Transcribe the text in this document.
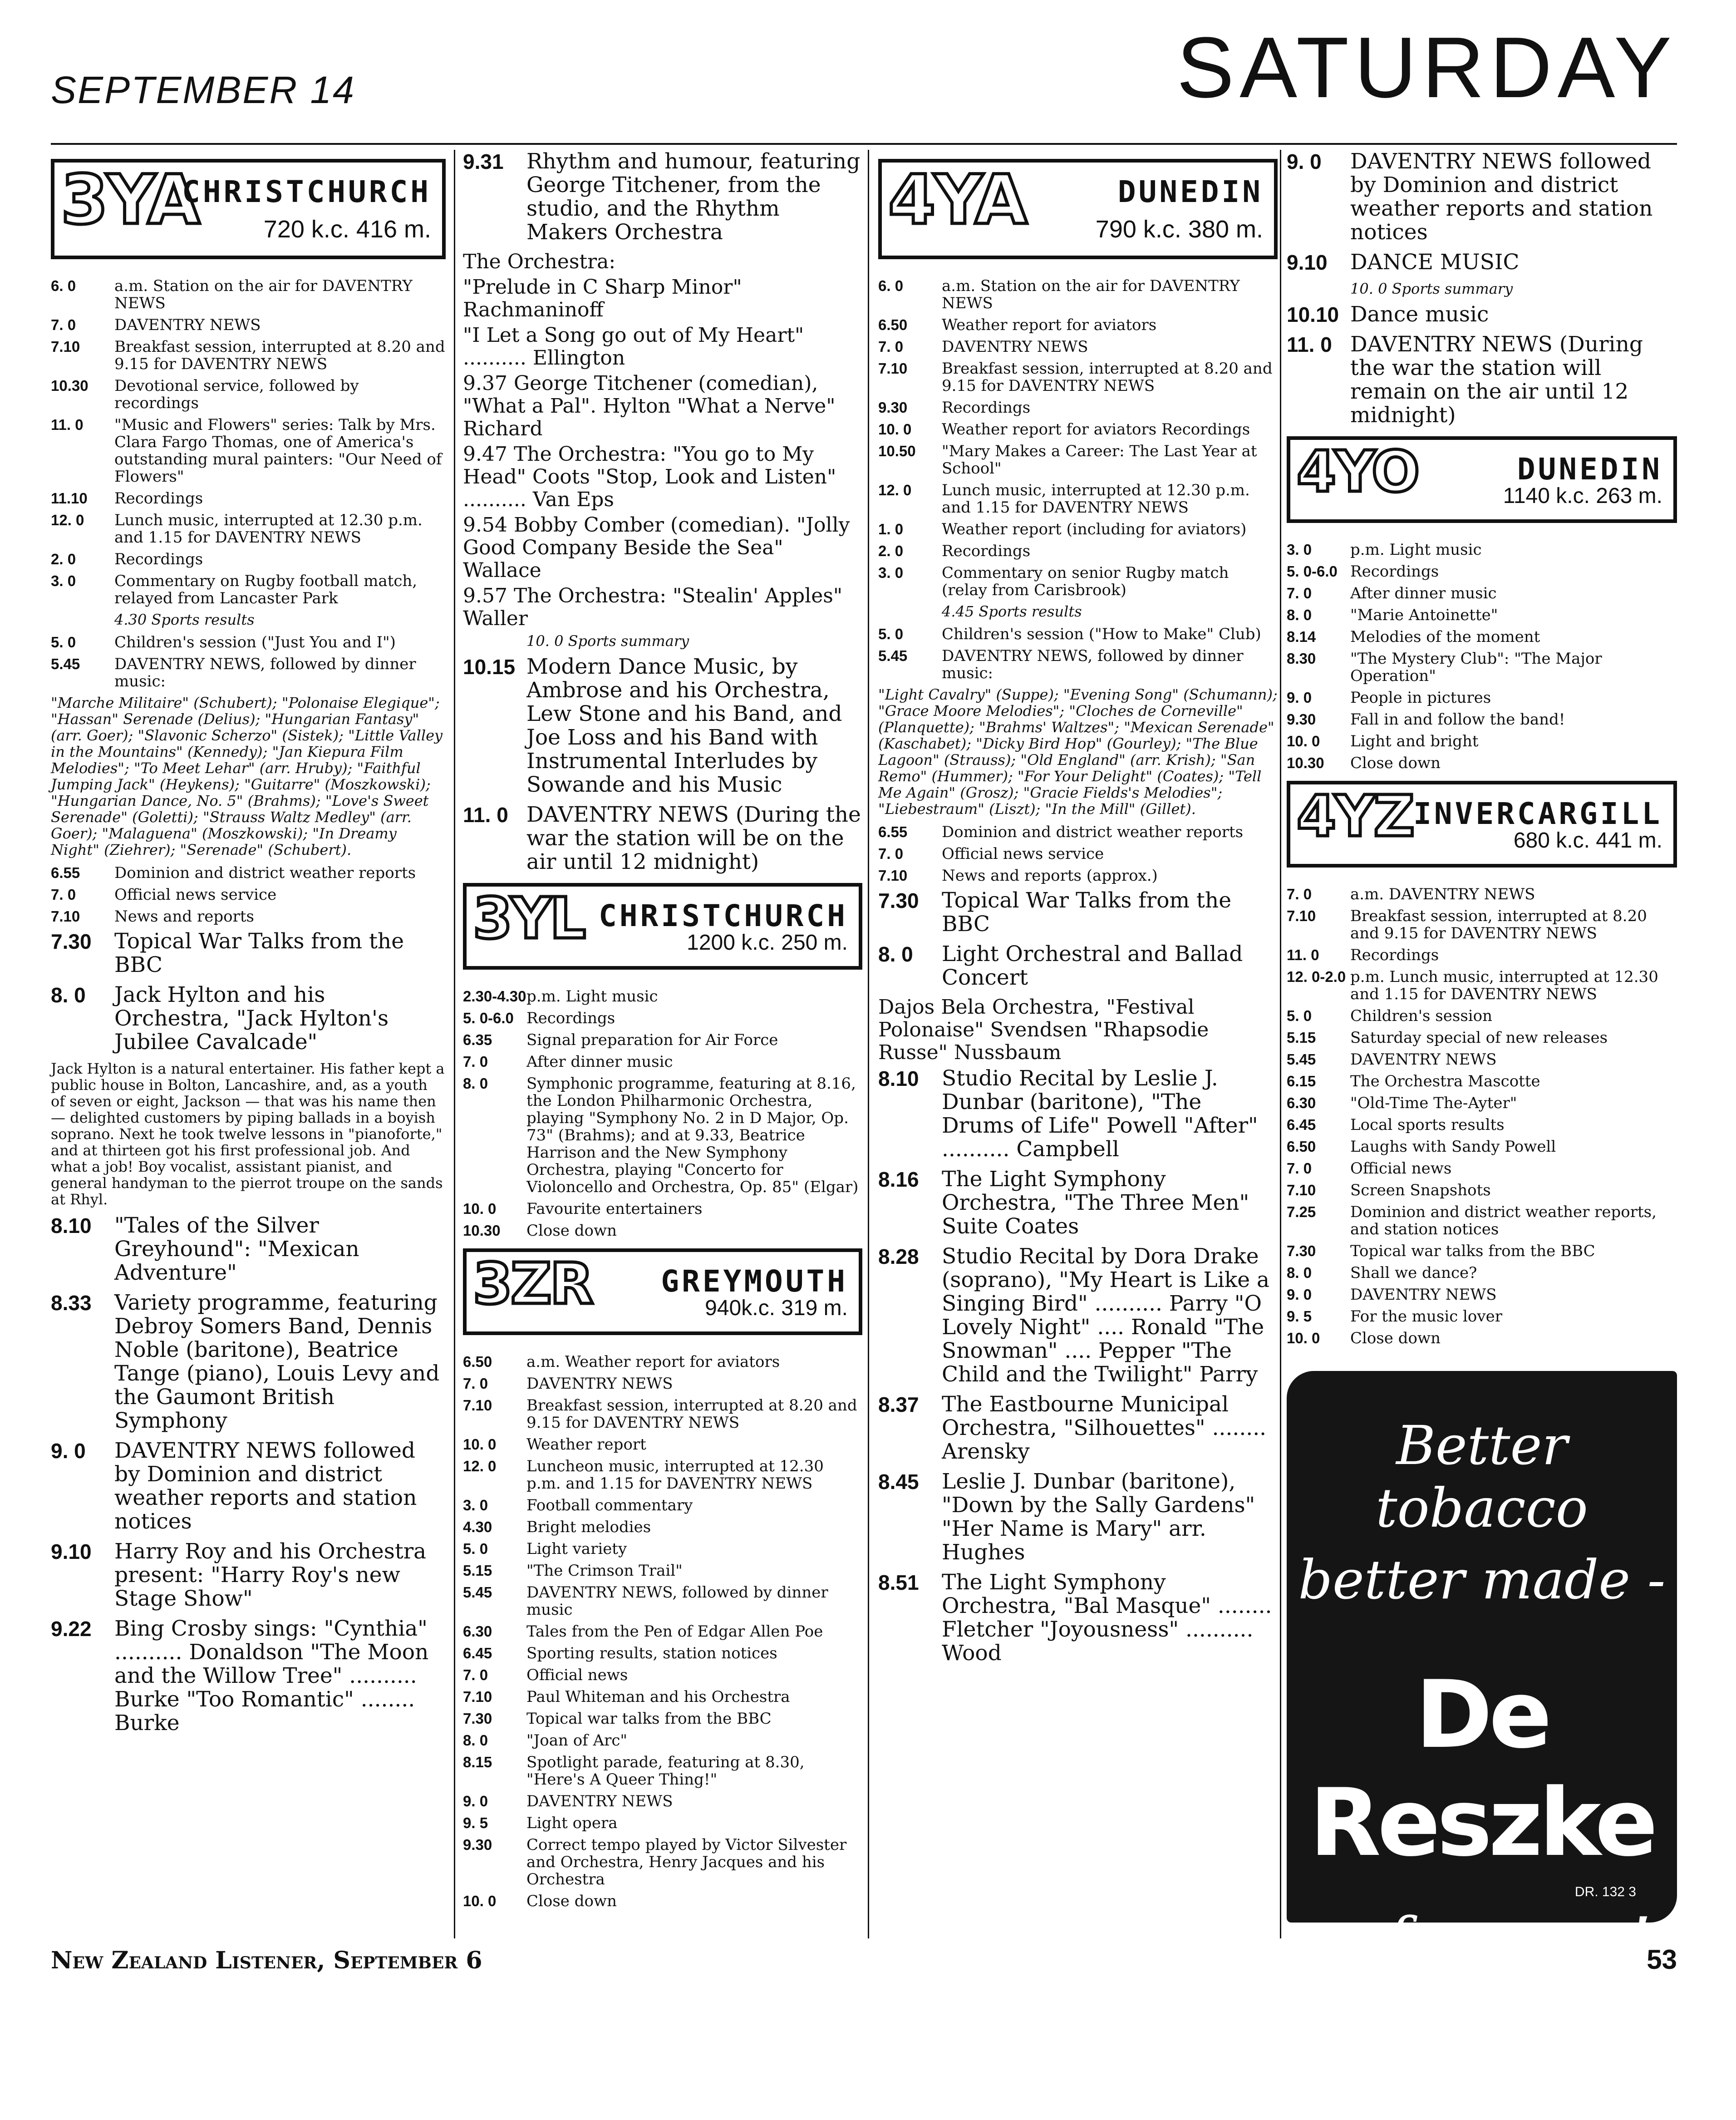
SEPTEMBER 14	SATURDAY
3YA
CHRISTCHURCH
720 k.c. 416 m.
6. 0	a.m. Station on the air for DAVENTRY NEWS
7. 0	DAVENTRY NEWS
7.10	Breakfast session, interrupted at 8.20 and 9.15 for DAVENTRY NEWS
10.30	Devotional service, followed by recordings
11. 0	"Music and Flowers" series: Talk by Mrs. Clara Fargo Thomas, one of America's outstanding mural painters: "Our Need of Flowers"
11.10	Recordings
12. 0	Lunch music, interrupted at 12.30 p.m. and 1.15 for DAVENTRY NEWS
2. 0	Recordings
3. 0	Commentary on Rugby football match, relayed from Lancaster Park
4.30 Sports results
5. 0	Children's session ("Just You and I")
5.45	DAVENTRY NEWS, followed by dinner music:
"Marche Militaire" (Schubert); "Polonaise Elegique"; "Hassan" Serenade (Delius); "Hungarian Fantasy" (arr. Goer); "Slavonic Scherzo" (Sistek); "Little Valley in the Mountains" (Kennedy); "Jan Kiepura Film Melodies"; "To Meet Lehar" (arr. Hruby); "Faithful Jumping Jack" (Heykens); "Guitarre" (Moszkowski); "Hungarian Dance, No. 5" (Brahms); "Love's Sweet Serenade" (Goletti); "Strauss Waltz Medley" (arr. Goer); "Malaguena" (Moszkowski); "In Dreamy Night" (Ziehrer); "Serenade" (Schubert).
6.55	Dominion and district weather reports
7. 0	Official news service
7.10	News and reports
7.30	Topical War Talks from the BBC
8. 0	Jack Hylton and his Orchestra, "Jack Hylton's Jubilee Cavalcade"
Jack Hylton is a natural entertainer. His father kept a public house in Bolton, Lancashire, and, as a youth of seven or eight, Jackson — that was his name then — delighted customers by piping ballads in a boyish soprano. Next he took twelve lessons in "pianoforte," and at thirteen got his first professional job. And what a job! Boy vocalist, assistant pianist, and general handyman to the pierrot troupe on the sands at Rhyl.
8.10	"Tales of the Silver Greyhound": "Mexican Adventure"
8.33	Variety programme, featuring Debroy Somers Band, Dennis Noble (baritone), Beatrice Tange (piano), Louis Levy and the Gaumont British Symphony
9. 0	DAVENTRY NEWS followed by Dominion and district weather reports and station notices
9.10	Harry Roy and his Orchestra present: "Harry Roy's new Stage Show"
9.22	Bing Crosby sings: "Cynthia" .......... Donaldson "The Moon and the Willow Tree" .......... Burke "Too Romantic" ........ Burke
9.31	Rhythm and humour, featuring George Titchener, from the studio, and the Rhythm Makers Orchestra
The Orchestra:
"Prelude in C Sharp Minor" Rachmaninoff
"I Let a Song go out of My Heart" .......... Ellington
9.37 George Titchener (comedian), "What a Pal". Hylton "What a Nerve" Richard
9.47 The Orchestra: "You go to My Head" Coots "Stop, Look and Listen" .......... Van Eps
9.54 Bobby Comber (comedian). "Jolly Good Company Beside the Sea" Wallace
9.57 The Orchestra: "Stealin' Apples" Waller
10. 0 Sports summary
10.15 Modern Dance Music, by Ambrose and his Orchestra, Lew Stone and his Band, and Joe Loss and his Band with Instrumental Interludes by Sowande and his Music
11. 0 DAVENTRY NEWS (During the war the station will be on the air until 12 midnight)
3YL CHRISTCHURCH
1200 k.c. 250 m.
2.30-4.30 p.m. Light music
5. 0-6.0 Recordings
6.35	Signal preparation for Air Force
7. 0	After dinner music
8. 0	Symphonic programme, featuring at 8.16, the London Philharmonic Orchestra, playing "Symphony No. 2 in D Major, Op. 73" (Brahms); and at 9.33, Beatrice Harrison and the New Symphony Orchestra, playing "Concerto for Violoncello and Orchestra, Op. 85" (Elgar)
10. 0	Favourite entertainers
10.30	Close down
3ZR GREYMOUTH
940k.c. 319 m.
6.50	a.m. Weather report for aviators
7. 0	DAVENTRY NEWS
7.10	Breakfast session, interrupted at 8.20 and 9.15 for DAVENTRY NEWS
10. 0	Weather report
12. 0	Luncheon music, interrupted at 12.30 p.m. and 1.15 for DAVENTRY NEWS
3. 0	Football commentary
4.30	Bright melodies
5. 0	Light variety
5.15	"The Crimson Trail"
5.45	DAVENTRY NEWS, followed by dinner music
6.30	Tales from the Pen of Edgar Allen Poe
6.45	Sporting results, station notices
7. 0	Official news
7.10	Paul Whiteman and his Orchestra
7.30	Topical war talks from the BBC
8. 0	"Joan of Arc"
8.15	Spotlight parade, featuring at 8.30, "Here's A Queer Thing!"
9. 0	DAVENTRY NEWS
9. 5	Light opera
9.30	Correct tempo played by Victor Silvester and Orchestra, Henry Jacques and his Orchestra
10. 0	Close down
4YA	DUNEDIN
790 k.c. 380 m.
6. 0	a.m. Station on the air for DAVENTRY NEWS
6.50	Weather report for aviators
7. 0	DAVENTRY NEWS
7.10	Breakfast session, interrupted at 8.20 and 9.15 for DAVENTRY NEWS
9.30	Recordings
10. 0	Weather report for aviators Recordings
10.50	"Mary Makes a Career: The Last Year at School"
12. 0	Lunch music, interrupted at 12.30 p.m. and 1.15 for DAVENTRY NEWS
1. 0	Weather report (including for aviators)
2. 0	Recordings
3. 0	Commentary on senior Rugby match (relay from Carisbrook)
4.45 Sports results
5. 0	Children's session ("How to Make" Club)
5.45	DAVENTRY NEWS, followed by dinner music:
"Light Cavalry" (Suppe); "Evening Song" (Schumann); "Grace Moore Melodies"; "Cloches de Corneville" (Planquette); "Brahms' Waltzes"; "Mexican Serenade" (Kaschabet); "Dicky Bird Hop" (Gourley); "The Blue Lagoon" (Strauss); "Old England" (arr. Krish); "San Remo" (Hummer); "For Your Delight" (Coates); "Tell Me Again" (Grosz); "Gracie Fields's Melodies"; "Liebestraum" (Liszt); "In the Mill" (Gillet).
6.55	Dominion and district weather reports
7. 0	Official news service
7.10	News and reports (approx.)
7.30	Topical War Talks from the BBC
8. 0	Light Orchestral and Ballad Concert
Dajos Bela Orchestra, "Festival Polonaise" Svendsen "Rhapsodie Russe" Nussbaum
8.10	Studio Recital by Leslie J. Dunbar (baritone), "The Drums of Life" Powell "After" .......... Campbell
8.16	The Light Symphony Orchestra, "The Three Men" Suite Coates
8.28	Studio Recital by Dora Drake (soprano), "My Heart is Like a Singing Bird" .......... Parry "O Lovely Night" .... Ronald "The Snowman" .... Pepper "The Child and the Twilight" Parry
8.37	The Eastbourne Municipal Orchestra, "Silhouettes" ........ Arensky
8.45	Leslie J. Dunbar (baritone), "Down by the Sally Gardens" "Her Name is Mary" arr. Hughes
8.51	The Light Symphony Orchestra, "Bal Masque" ........ Fletcher "Joyousness" .......... Wood
9. 0	DAVENTRY NEWS followed by Dominion and district weather reports and station notices
9.10	DANCE MUSIC
10. 0 Sports summary
10.10 Dance music
11. 0 DAVENTRY NEWS (During the war the station will remain on the air until 12 midnight)
4YO	DUNEDIN
1140 k.c. 263 m.
3. 0	p.m. Light music
5. 0-6.0 Recordings
7. 0	After dinner music
8. 0	"Marie Antoinette"
8.14	Melodies of the moment
8.30	"The Mystery Club": "The Major Operation"
9. 0	People in pictures
9.30	Fall in and follow the band!
10. 0	Light and bright
10.30	Close down
4YZ INVERCARGILL
680 k.c. 441 m.
7. 0	a.m. DAVENTRY NEWS
7.10	Breakfast session, interrupted at 8.20 and 9.15 for DAVENTRY NEWS
11. 0	Recordings
12. 0-2.0 p.m. Lunch music, interrupted at 12.30 and 1.15 for DAVENTRY NEWS
5. 0	Children's session
5.15	Saturday special of new releases
5.45	DAVENTRY NEWS
6.15	The Orchestra Mascotte
6.30	"Old-Time The-Ayter"
6.45	Local sports results
6.50	Laughs with Sandy Powell
7. 0	Official news
7.10	Screen Snapshots
7.25	Dominion and district weather reports, and station notices
7.30	Topical war talks from the BBC
8. 0	Shall we dance?
9. 0	DAVENTRY NEWS
9. 5	For the music lover
10. 0	Close down
Better tobacco
better made -
De Reszke
- of course!
DR. 132 3
New Zealand Listener, September 6	53
